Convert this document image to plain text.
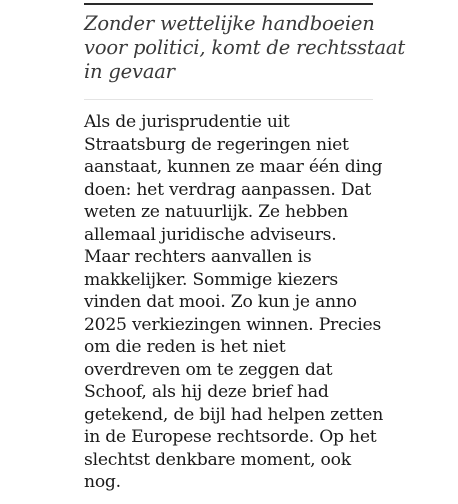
Zonder wettelijke handboeien
voor politici, komt de rechtsstaat
in gevaar

Als de jurisprudentie uit
Straatsburg de regeringen niet
aanstaat, kunnen ze maar één ding
doen: het verdrag aanpassen. Dat
weten ze natuurlijk. Ze hebben
allemaal juridische adviseurs.
Maar rechters aanvallen is
makkelijker. Sommige kiezers
vinden dat mooi. Zo kun je anno
2025 verkiezingen winnen. Precies
om die reden is het niet
overdreven om te zeggen dat
Schoof, als hij deze brief had
getekend, de bijl had helpen zetten
in de Europese rechtsorde. Op het
slechtst denkbare moment, ook
nog.
